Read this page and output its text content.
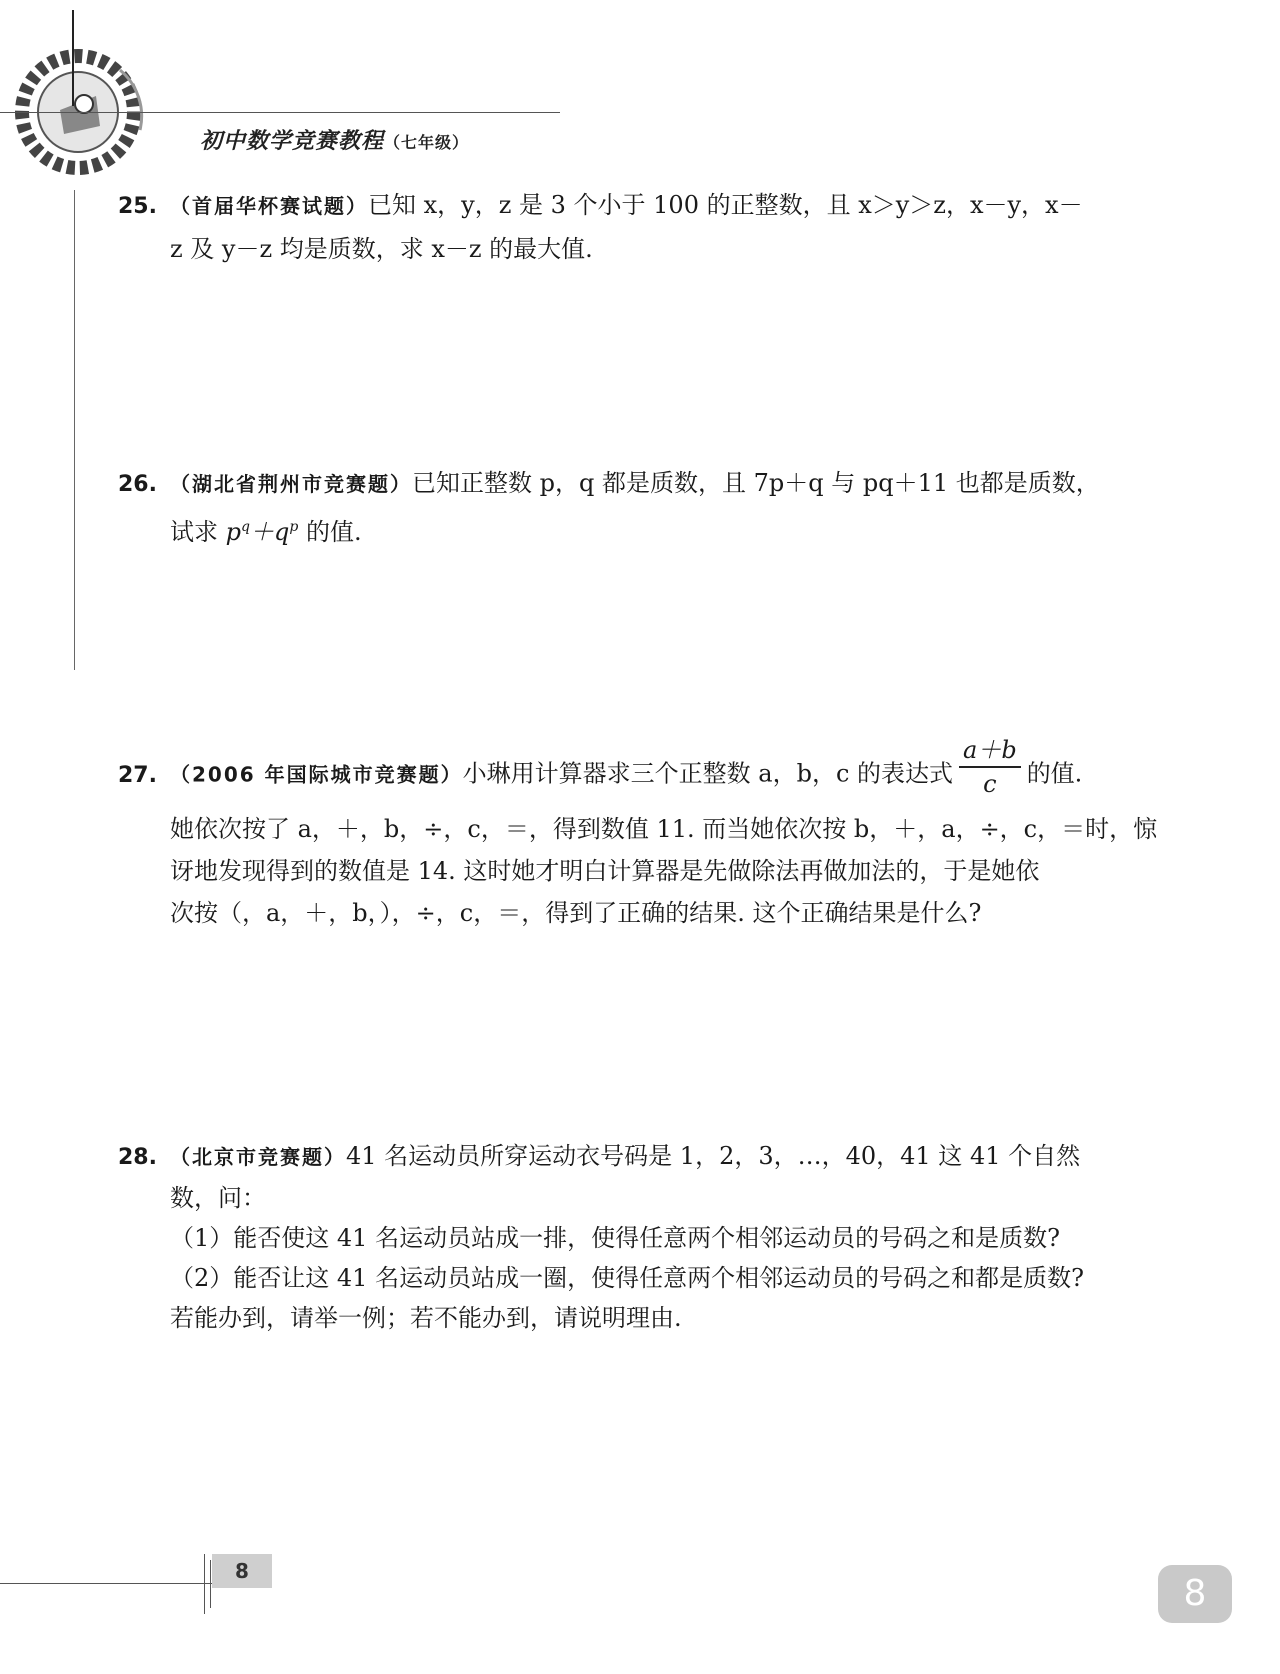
初中数学竞赛教程（七年级）
25. （首届华杯赛试题）已知 x，y，z 是 3 个小于 100 的正整数，且 x＞y＞z，x－y，x－
z 及 y－z 均是质数，求 x－z 的最大值.
26. （湖北省荆州市竞赛题）已知正整数 p，q 都是质数，且 7p＋q 与 pq＋11 也都是质数，
试求 $p^q+q^p$ 的值.
27. （2006 年国际城市竞赛题）小琳用计算器求三个正整数 a，b，c 的表达式 $\frac{a+b}{c}$ 的值.
她依次按了 a，＋，b，÷，c，＝，得到数值 11. 而当她依次按 b，＋，a，÷，c，＝时，惊
讶地发现得到的数值是 14. 这时她才明白计算器是先做除法再做加法的，于是她依
次按（，a，＋，b，），÷，c，＝，得到了正确的结果. 这个正确结果是什么?
28. （北京市竞赛题）41 名运动员所穿运动衣号码是 1，2，3，…，40，41 这 41 个自然
数，问：
（1）能否使这 41 名运动员站成一排，使得任意两个相邻运动员的号码之和是质数?
（2）能否让这 41 名运动员站成一圈，使得任意两个相邻运动员的号码之和都是质数?
若能办到，请举一例；若不能办到，请说明理由.
8
8
